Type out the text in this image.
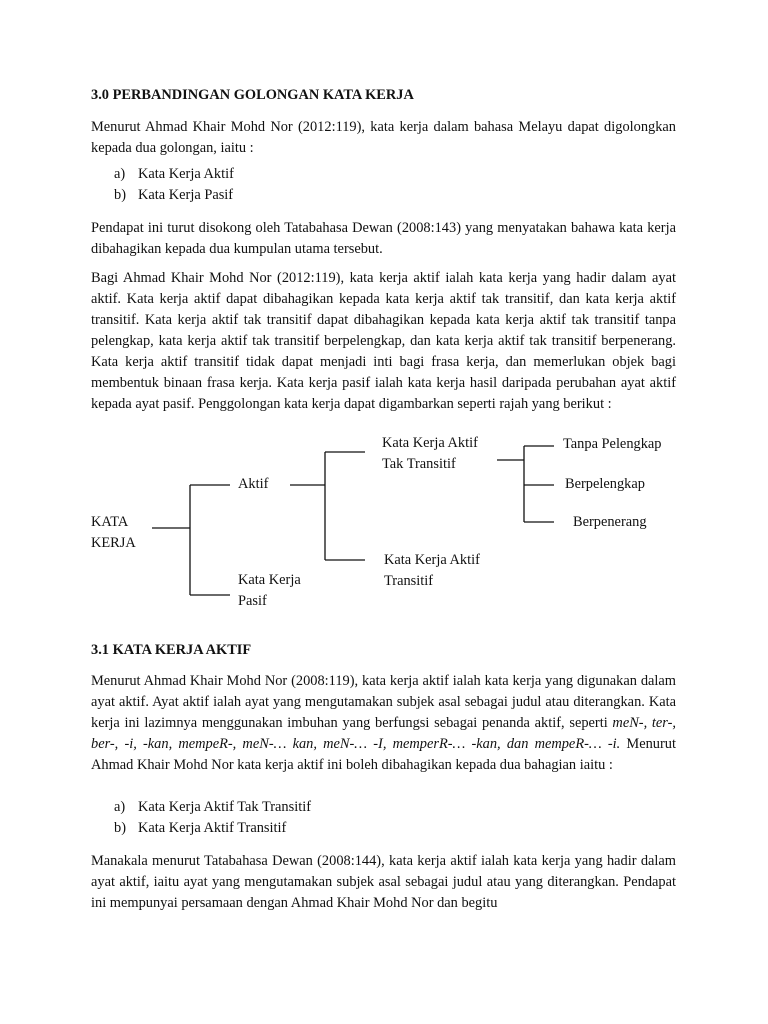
3.0 PERBANDINGAN GOLONGAN KATA KERJA

Menurut Ahmad Khair Mohd Nor (2012:119), kata kerja dalam bahasa Melayu dapat digolongkan kepada dua golongan, iaitu :

a) Kata Kerja Aktif
b) Kata Kerja Pasif

Pendapat ini turut disokong oleh Tatabahasa Dewan (2008:143) yang menyatakan bahawa kata kerja dibahagikan kepada dua kumpulan utama tersebut.

Bagi Ahmad Khair Mohd Nor (2012:119), kata kerja aktif ialah kata kerja yang hadir dalam ayat aktif. Kata kerja aktif dapat dibahagikan kepada kata kerja aktif tak transitif, dan kata kerja aktif transitif. Kata kerja aktif tak transitif dapat dibahagikan kepada kata kerja aktif tak transitif tanpa pelengkap, kata kerja aktif tak transitif berpelengkap, dan kata kerja aktif tak transitif berpenerang. Kata kerja aktif transitif tidak dapat menjadi inti bagi frasa kerja, dan memerlukan objek bagi membentuk binaan frasa kerja. Kata kerja pasif ialah kata kerja hasil daripada perubahan ayat aktif kepada ayat pasif. Penggolongan kata kerja dapat digambarkan seperti rajah yang berikut :

KATA
KERJA
Aktif
Kata Kerja
Pasif
Kata Kerja Aktif
Tak Transitif
Kata Kerja Aktif
Transitif
Tanpa Pelengkap
Berpelengkap
Berpenerang

3.1 KATA KERJA AKTIF

Menurut Ahmad Khair Mohd Nor (2008:119), kata kerja aktif ialah kata kerja yang digunakan dalam ayat aktif. Ayat aktif ialah ayat yang mengutamakan subjek asal sebagai judul atau diterangkan. Kata kerja ini lazimnya menggunakan imbuhan yang berfungsi sebagai penanda aktif, seperti meN-, ter-, ber-, -i, -kan, mempeR-, meN-… kan, meN-… -I, memperR-… -kan, dan mempeR-… -i. Menurut Ahmad Khair Mohd Nor kata kerja aktif ini boleh dibahagikan kepada dua bahagian iaitu :

a) Kata Kerja Aktif Tak Transitif
b) Kata Kerja Aktif Transitif

Manakala menurut Tatabahasa Dewan (2008:144), kata kerja aktif ialah kata kerja yang hadir dalam ayat aktif, iaitu ayat yang mengutamakan subjek asal sebagai judul atau yang diterangkan. Pendapat ini mempunyai persamaan dengan Ahmad Khair Mohd Nor dan begitu
